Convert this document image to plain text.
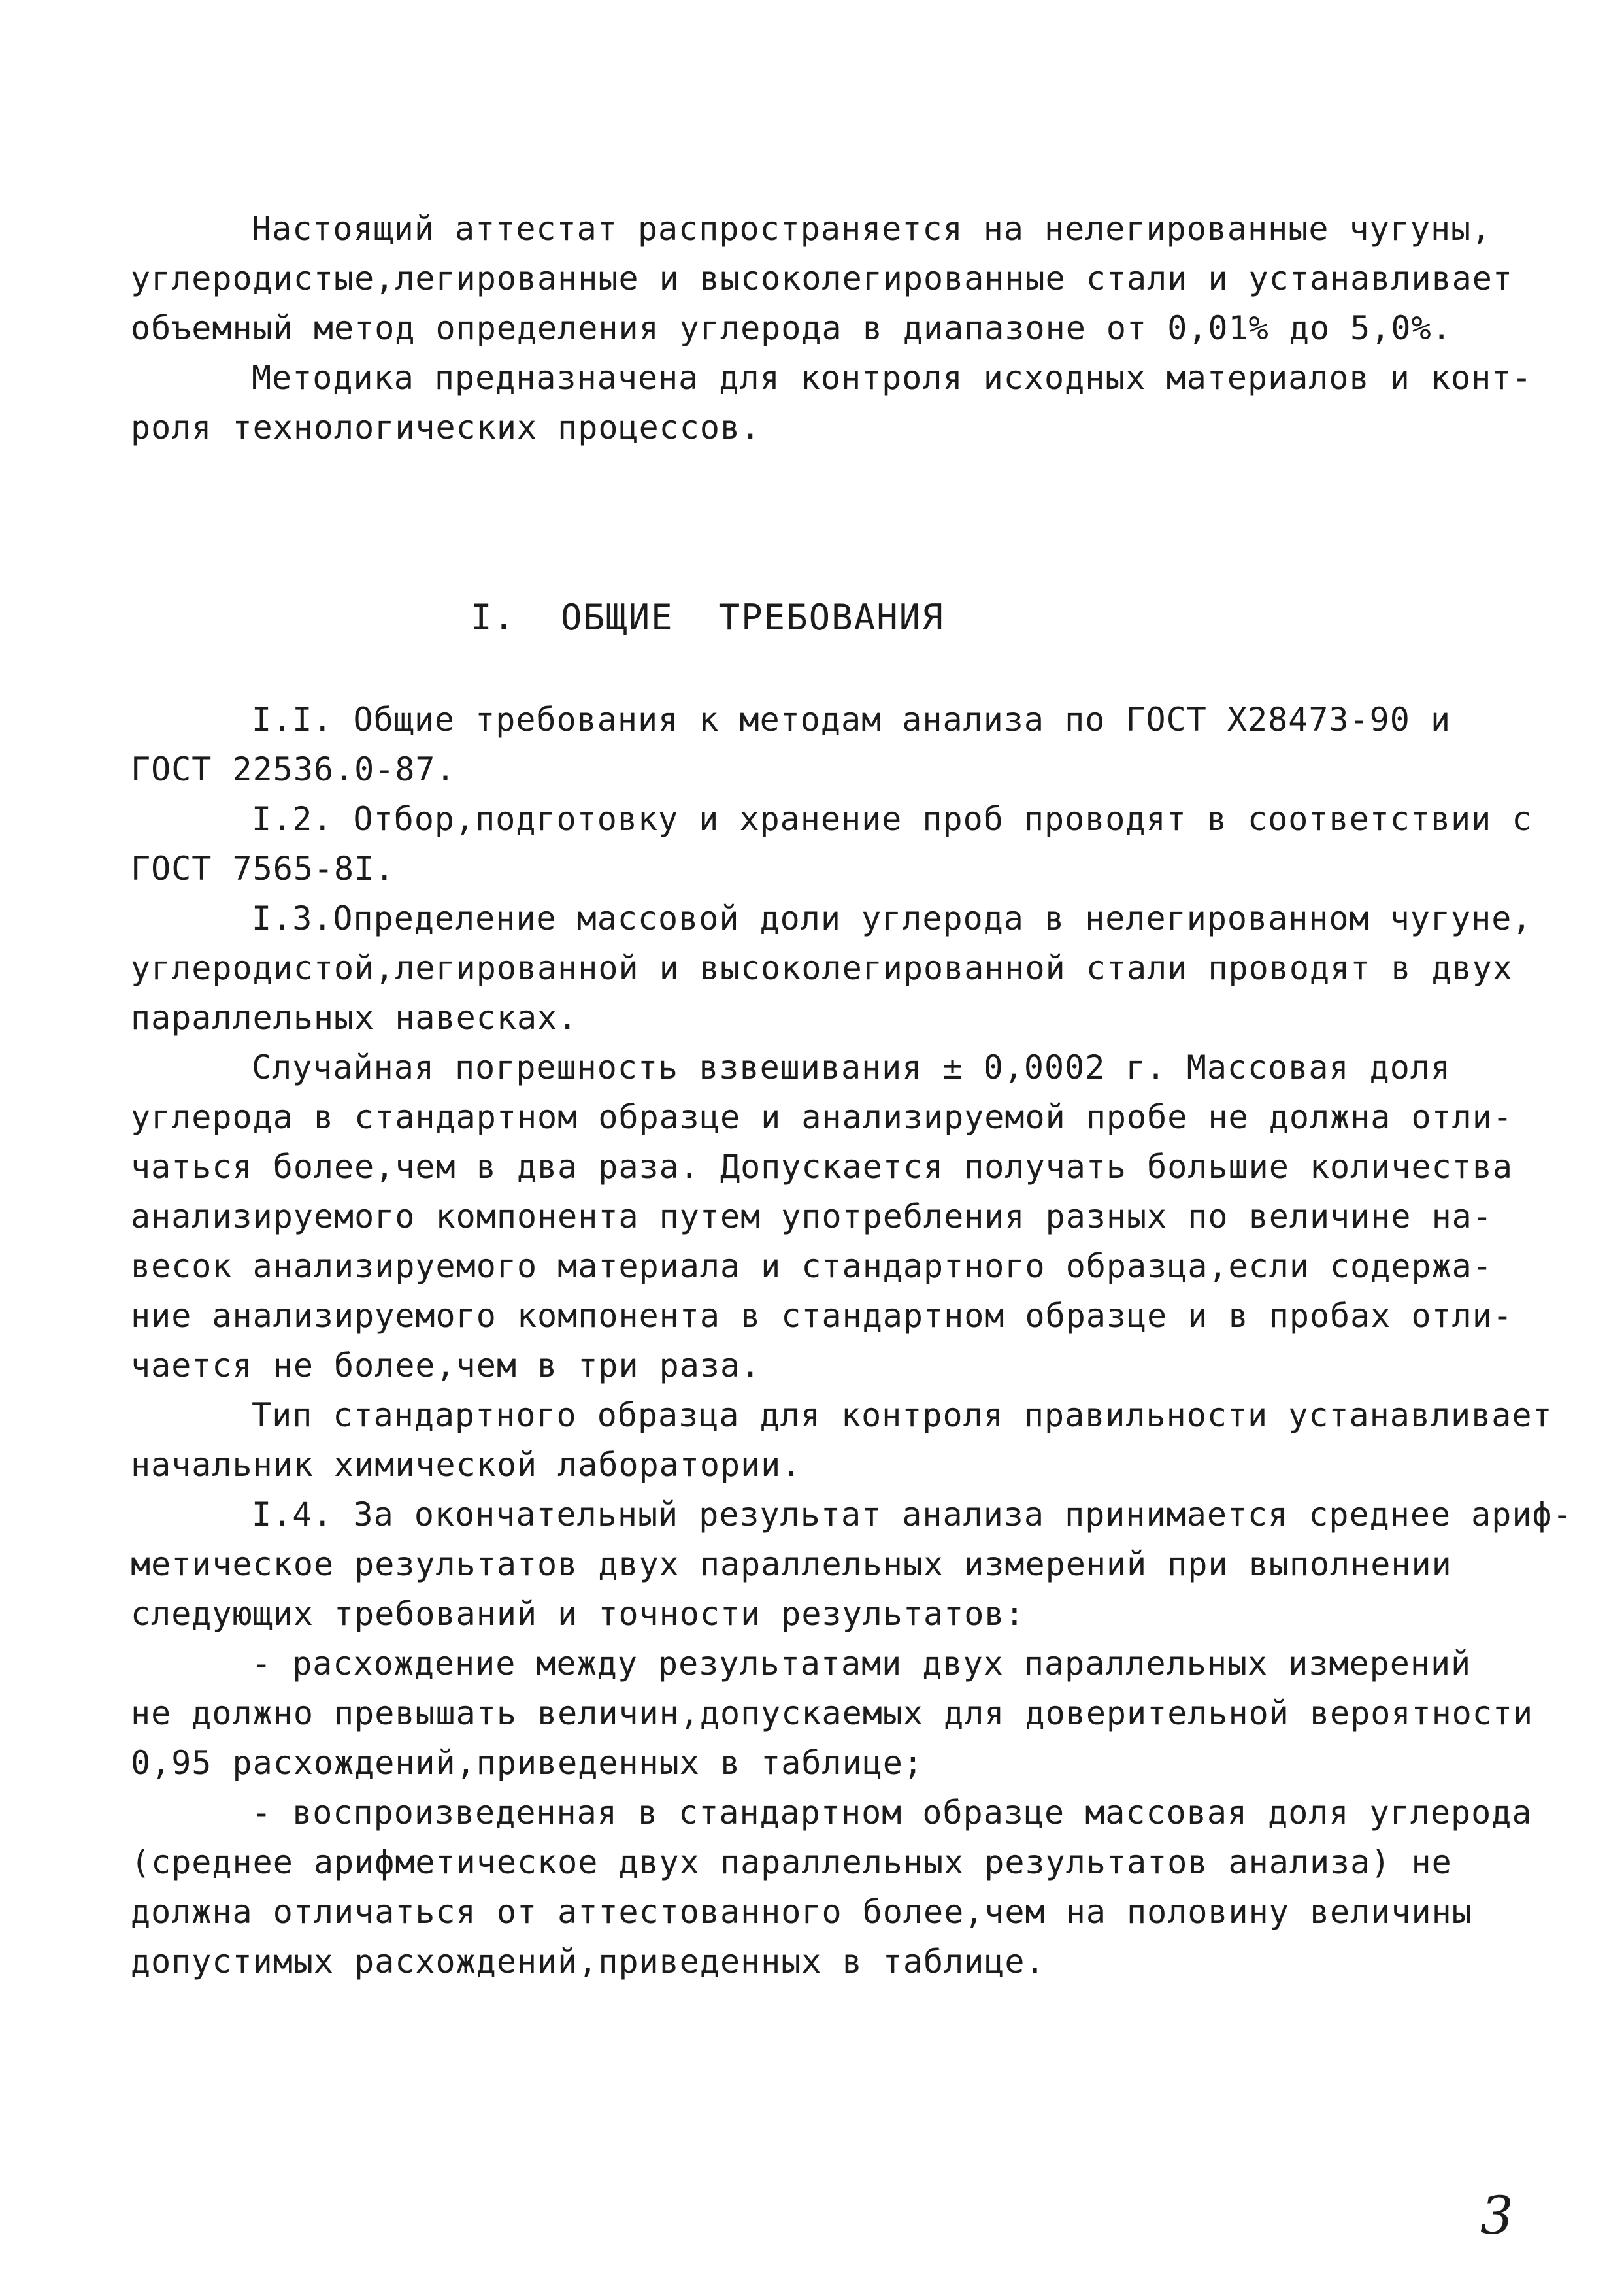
Настоящий аттестат распространяется на нелегированные чугуны,
углеродистые,легированные и высоколегированные стали и устанавливает
объемный метод определения углерода в диапазоне от 0,01% до 5,0%.
Методика предназначена для контроля исходных материалов и конт-
роля технологических процессов.
I.  ОБЩИЕ  ТРЕБОВАНИЯ
I.I. Общие требования к методам анализа по ГОСТ Х28473-90 и
ГОСТ 22536.0-87.
I.2. Отбор,подготовку и хранение проб проводят в соответствии с
ГОСТ 7565-8I.
I.3.Определение массовой доли углерода в нелегированном чугуне,
углеродистой,легированной и высоколегированной стали проводят в двух
параллельных навесках.
Случайная погрешность взвешивания ± 0,0002 г. Массовая доля
углерода в стандартном образце и анализируемой пробе не должна отли-
чаться более,чем в два раза. Допускается получать большие количества
анализируемого компонента путем употребления разных по величине на-
весок анализируемого материала и стандартного образца,если содержа-
ние анализируемого компонента в стандартном образце и в пробах отли-
чается не более,чем в три раза.
Тип стандартного образца для контроля правильности устанавливает
начальник химической лаборатории.
I.4. За окончательный результат анализа принимается среднее ариф-
метическое результатов двух параллельных измерений при выполнении
следующих требований и точности результатов:
- расхождение между результатами двух параллельных измерений
не должно превышать величин,допускаемых для доверительной вероятности
0,95 расхождений,приведенных в таблице;
- воспроизведенная в стандартном образце массовая доля углерода
(среднее арифметическое двух параллельных результатов анализа) не
должна отличаться от аттестованного более,чем на половину величины
допустимых расхождений,приведенных в таблице.
3
